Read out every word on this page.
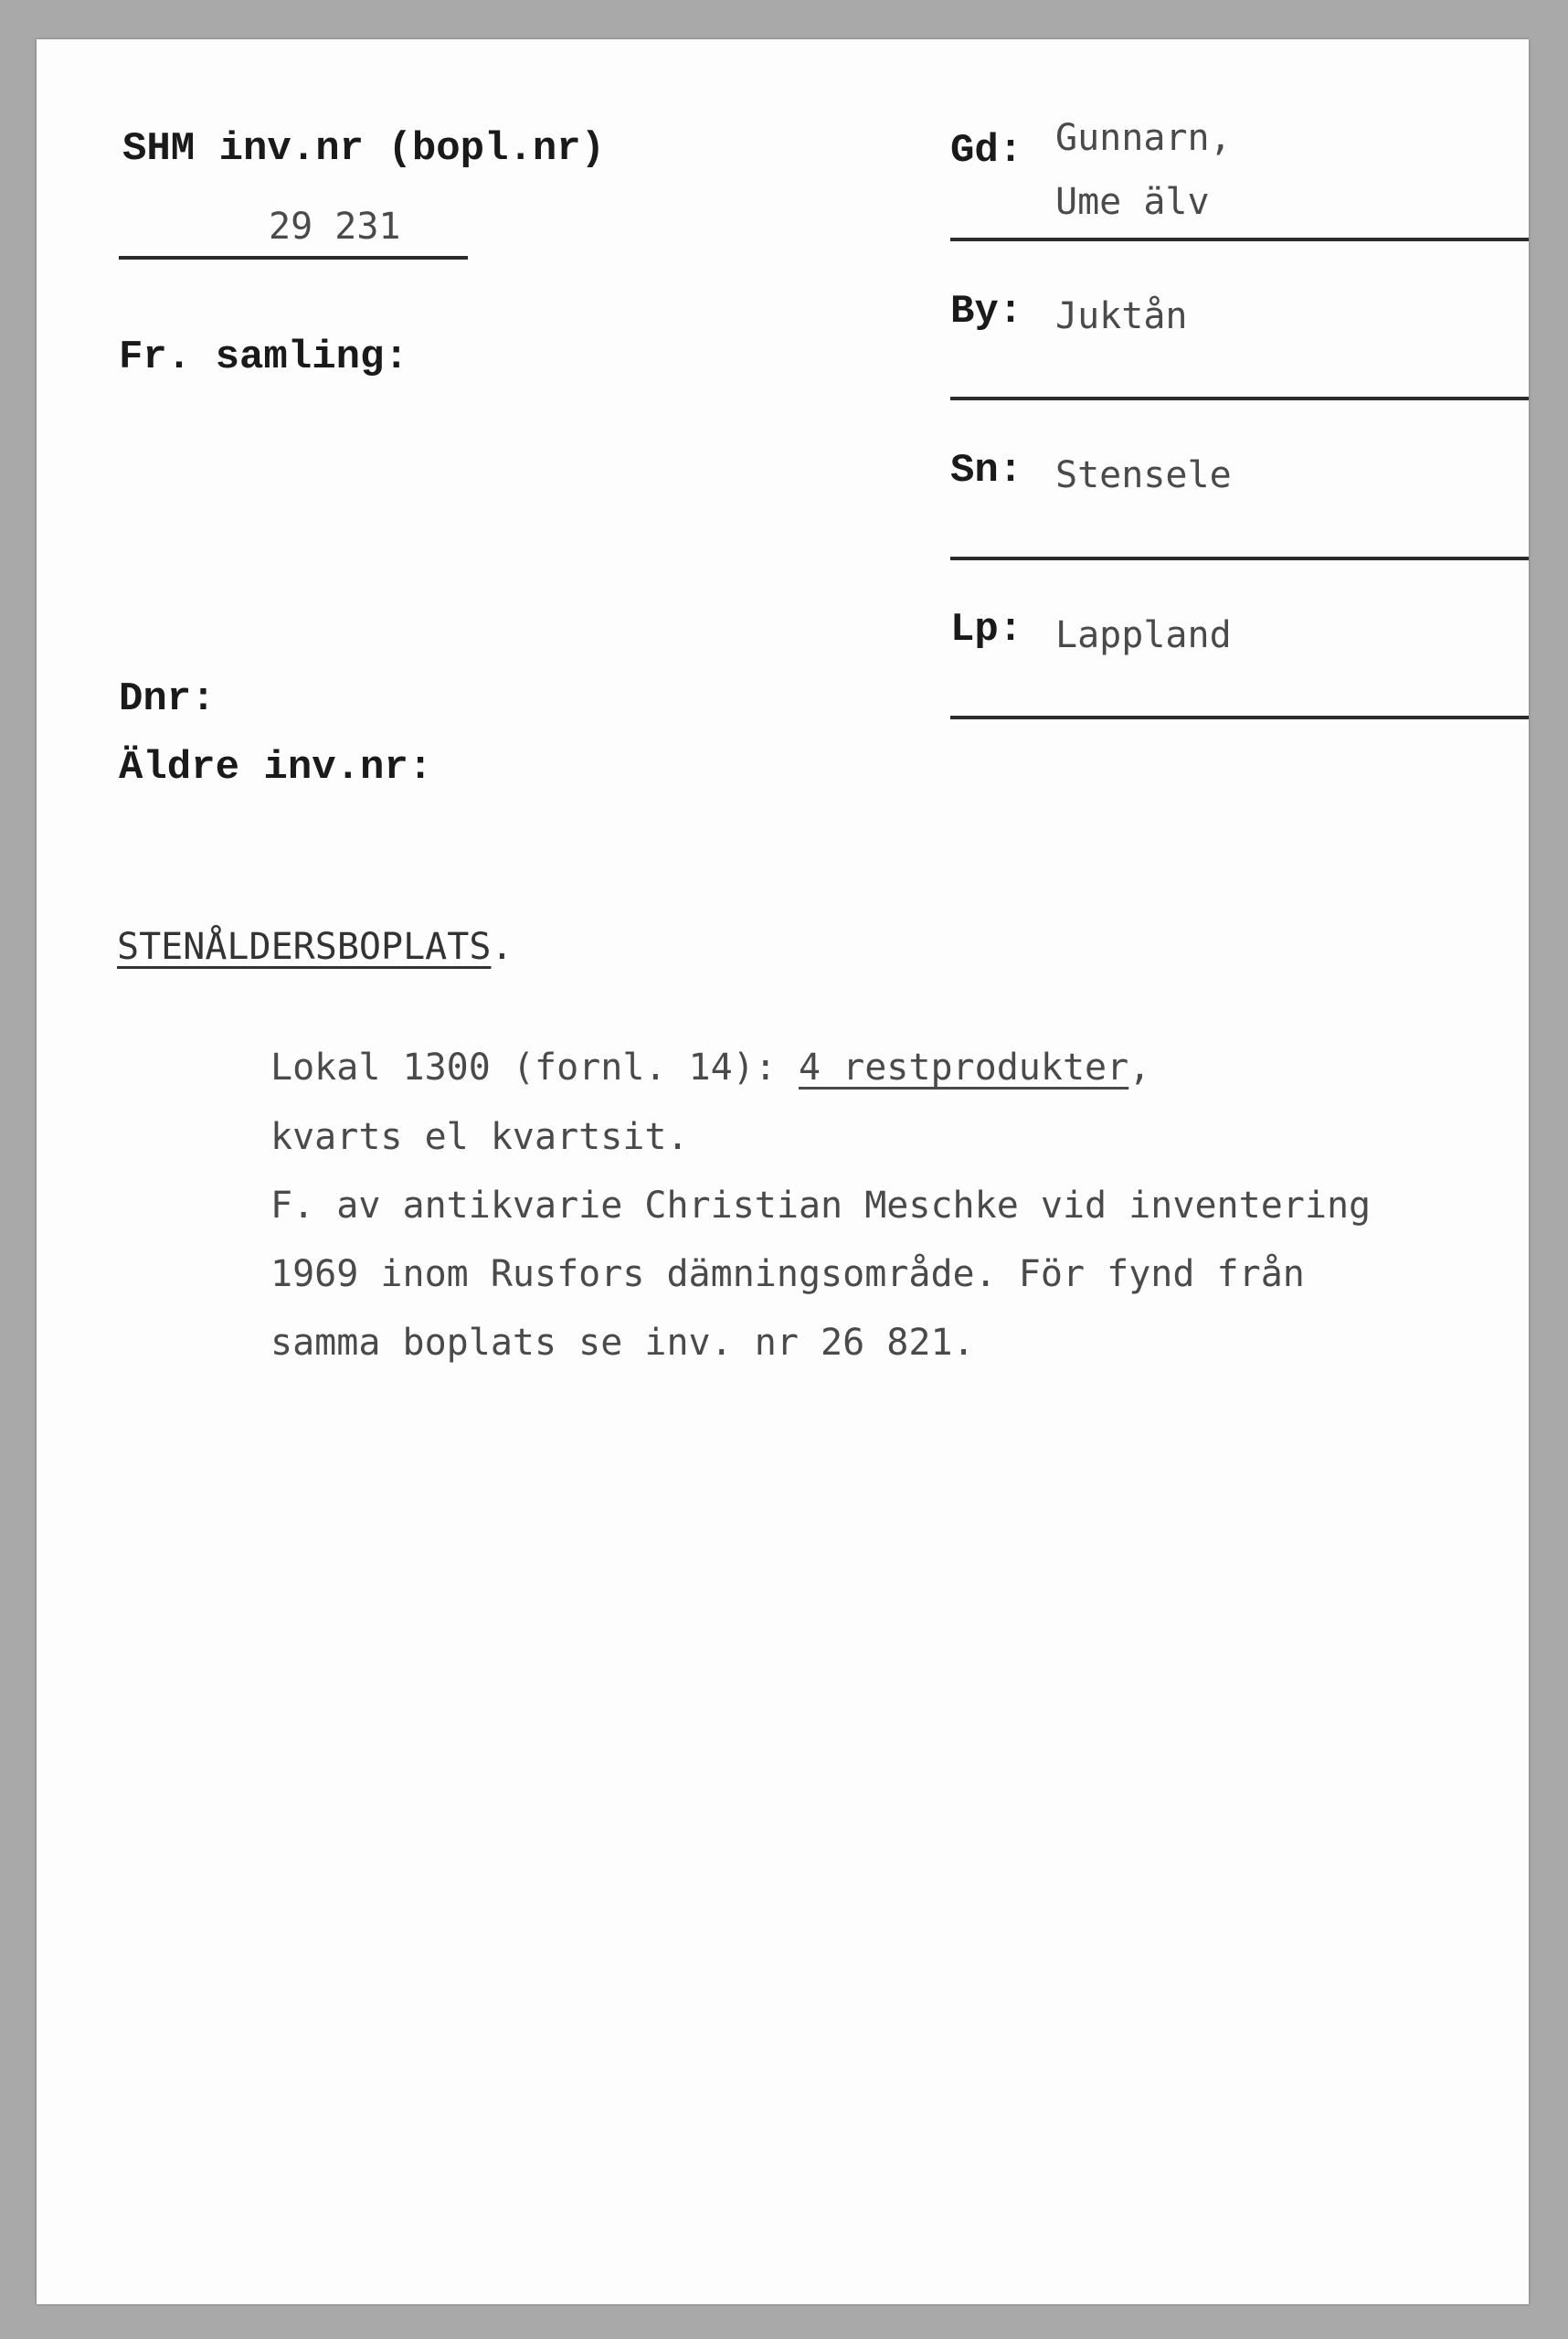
SHM inv.nr (bopl.nr)
29 231
Fr. samling:
Dnr:
Äldre inv.nr:
Gd: Gunnarn,
Ume älv
By: Juktån
Sn: Stensele
Lp: Lappland
STENÅLDERSBOPLATS.
Lokal 1300 (fornl. 14): 4 restprodukter,
kvarts el kvartsit.
F. av antikvarie Christian Meschke vid inventering
1969 inom Rusfors dämningsområde. För fynd från
samma boplats se inv. nr 26 821.
